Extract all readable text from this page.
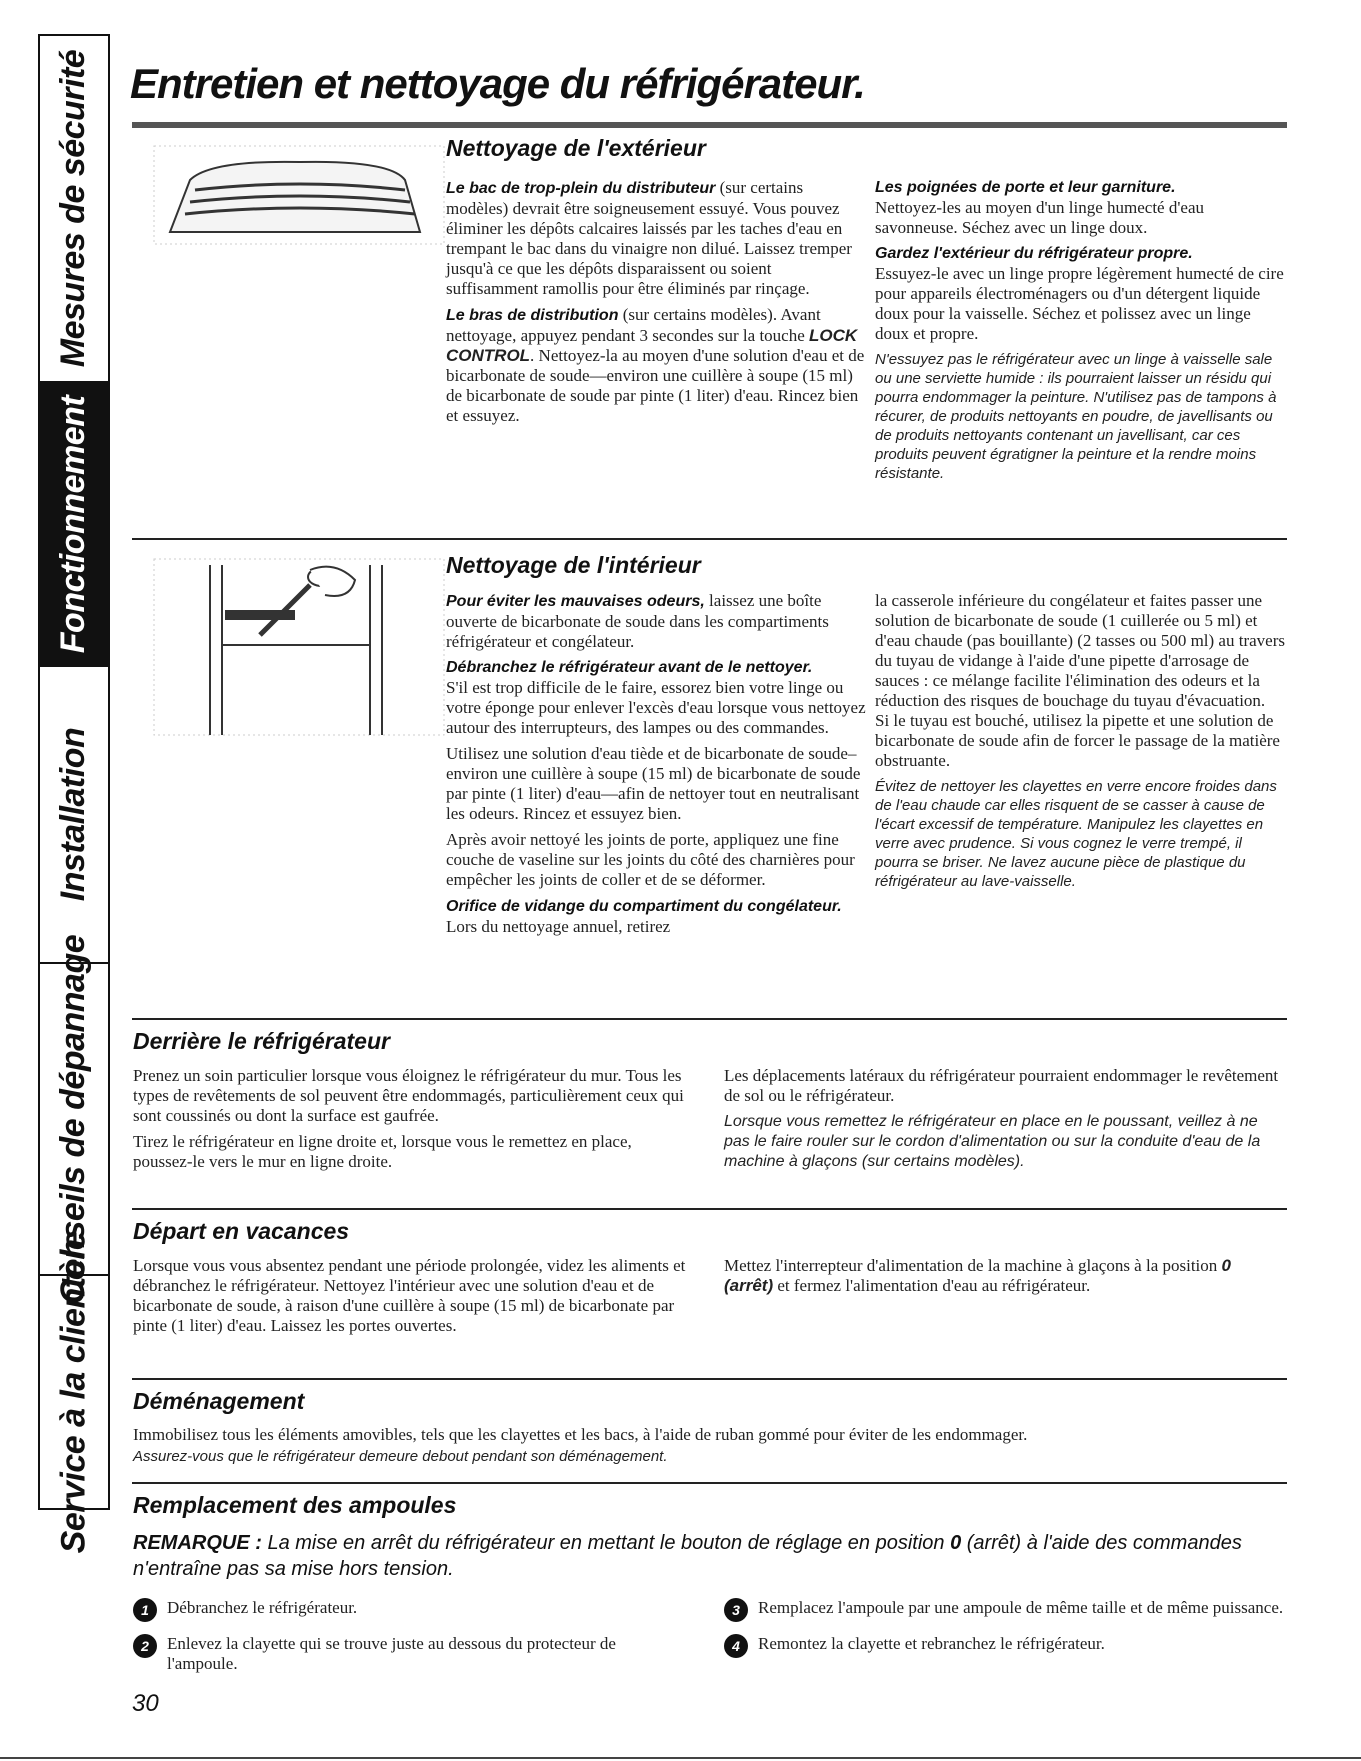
Mesures de sécurité
Fonctionnement
Installation
Conseils de dépannage
Service à la clientèle
Entretien et nettoyage du réfrigérateur.
Nettoyage de l'extérieur

Le bac de trop-plein du distributeur (sur certains modèles) devrait être soigneusement essuyé. Vous pouvez éliminer les dépôts calcaires laissés par les taches d'eau en trempant le bac dans du vinaigre non dilué. Laissez tremper jusqu'à ce que les dépôts disparaissent ou soient suffisamment ramollis pour être éliminés par rinçage.

Le bras de distribution (sur certains modèles). Avant nettoyage, appuyez pendant 3 secondes sur la touche LOCK CONTROL. Nettoyez-la au moyen d'une solution d'eau et de bicarbonate de soude—environ une cuillère à soupe (15 ml) de bicarbonate de soude par pinte (1 liter) d'eau. Rincez bien et essuyez.

Les poignées de porte et leur garniture.
Nettoyez-les au moyen d'un linge humecté d'eau savonneuse. Séchez avec un linge doux.

Gardez l'extérieur du réfrigérateur propre.
Essuyez-le avec un linge propre légèrement humecté de cire pour appareils électroménagers ou d'un détergent liquide doux pour la vaisselle. Séchez et polissez avec un linge doux et propre.

N'essuyez pas le réfrigérateur avec un linge à vaisselle sale ou une serviette humide : ils pourraient laisser un résidu qui pourra endommager la peinture. N'utilisez pas de tampons à récurer, de produits nettoyants en poudre, de javellisants ou de produits nettoyants contenant un javellisant, car ces produits peuvent égratigner la peinture et la rendre moins résistante.

Nettoyage de l'intérieur

Pour éviter les mauvaises odeurs, laissez une boîte ouverte de bicarbonate de soude dans les compartiments réfrigérateur et congélateur.

Débranchez le réfrigérateur avant de le nettoyer.
S'il est trop difficile de le faire, essorez bien votre linge ou votre éponge pour enlever l'excès d'eau lorsque vous nettoyez autour des interrupteurs, des lampes ou des commandes.

Utilisez une solution d'eau tiède et de bicarbonate de soude–environ une cuillère à soupe (15 ml) de bicarbonate de soude par pinte (1 liter) d'eau—afin de nettoyer tout en neutralisant les odeurs. Rincez et essuyez bien.

Après avoir nettoyé les joints de porte, appliquez une fine couche de vaseline sur les joints du côté des charnières pour empêcher les joints de coller et de se déformer.

Orifice de vidange du compartiment du congélateur. Lors du nettoyage annuel, retirez

la casserole inférieure du congélateur et faites passer une solution de bicarbonate de soude (1 cuillerée ou 5 ml) et d'eau chaude (pas bouillante) (2 tasses ou 500 ml) au travers du tuyau de vidange à l'aide d'une pipette d'arrosage de sauces : ce mélange facilite l'élimination des odeurs et la réduction des risques de bouchage du tuyau d'évacuation.

Si le tuyau est bouché, utilisez la pipette et une solution de bicarbonate de soude afin de forcer le passage de la matière obstruante.

Évitez de nettoyer les clayettes en verre encore froides dans de l'eau chaude car elles risquent de se casser à cause de l'écart excessif de température. Manipulez les clayettes en verre avec prudence. Si vous cognez le verre trempé, il pourra se briser. Ne lavez aucune pièce de plastique du réfrigérateur au lave-vaisselle.

Derrière le réfrigérateur

Prenez un soin particulier lorsque vous éloignez le réfrigérateur du mur. Tous les types de revêtements de sol peuvent être endommagés, particulièrement ceux qui sont coussinés ou dont la surface est gaufrée.

Tirez le réfrigérateur en ligne droite et, lorsque vous le remettez en place, poussez-le vers le mur en ligne droite.

Les déplacements latéraux du réfrigérateur pourraient endommager le revêtement de sol ou le réfrigérateur.

Lorsque vous remettez le réfrigérateur en place en le poussant, veillez à ne pas le faire rouler sur le cordon d'alimentation ou sur la conduite d'eau de la machine à glaçons (sur certains modèles).

Départ en vacances

Lorsque vous vous absentez pendant une période prolongée, videz les aliments et débranchez le réfrigérateur. Nettoyez l'intérieur avec une solution d'eau et de bicarbonate de soude, à raison d'une cuillère à soupe (15 ml) de bicarbonate par pinte (1 liter) d'eau. Laissez les portes ouvertes.

Mettez l'interrepteur d'alimentation de la machine à glaçons à la position 0 (arrêt) et fermez l'alimentation d'eau au réfrigérateur.

Déménagement

Immobilisez tous les éléments amovibles, tels que les clayettes et les bacs, à l'aide de ruban gommé pour éviter de les endommager.

Assurez-vous que le réfrigérateur demeure debout pendant son déménagement.

Remplacement des ampoules
REMARQUE : La mise en arrêt du réfrigérateur en mettant le bouton de réglage en position 0 (arrêt) à l'aide des commandes n'entraîne pas sa mise hors tension.
1	Débranchez le réfrigérateur.
2	Enlevez la clayette qui se trouve juste au dessous du protecteur de l'ampoule.
3	Remplacez l'ampoule par une ampoule de même taille et de même puissance.
4	Remontez la clayette et rebranchez le réfrigérateur.
30
